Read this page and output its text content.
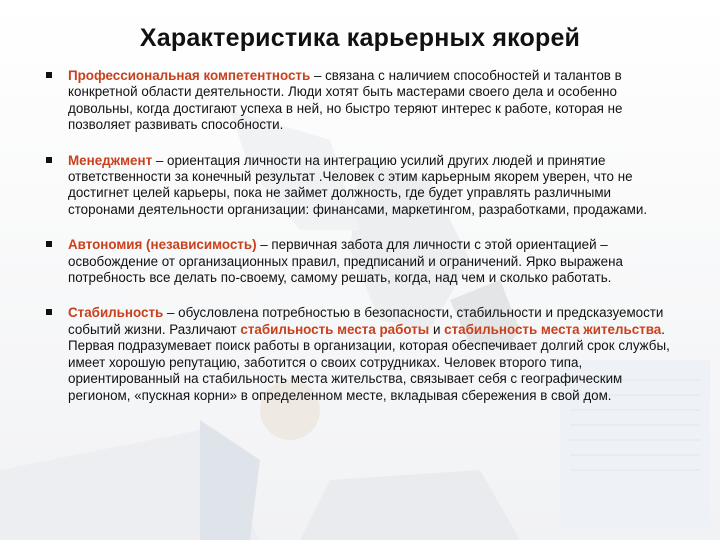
Характеристика карьерных якорей
Профессиональная компетентность – связана с наличием способностей и талантов в конкретной области деятельности. Люди хотят быть мастерами своего дела и особенно довольны, когда достигают успеха в ней, но быстро теряют интерес к работе, которая не позволяет развивать способности.
Менеджмент – ориентация личности на интеграцию усилий других людей и принятие ответственности за конечный результат .Человек с этим карьерным якорем уверен, что не достигнет целей карьеры, пока не займет должность, где будет управлять различными сторонами деятельности организации: финансами, маркетингом, разработками, продажами.
Автономия (независимость) – первичная забота для личности с этой ориентацией – освобождение от организационных правил, предписаний и ограничений. Ярко выражена потребность все делать по-своему, самому решать, когда, над чем и сколько работать.
Стабильность – обусловлена потребностью в безопасности, стабильности и предсказуемости событий жизни. Различают стабильность места работы и стабильность места жительства. Первая подразумевает поиск работы в организации, которая обеспечивает долгий срок службы, имеет хорошую репутацию, заботится о своих сотрудниках. Человек второго типа, ориентированный на стабильность места жительства, связывает себя с географическим регионом, «пускная корни» в определенном месте, вкладывая сбережения в свой дом.
